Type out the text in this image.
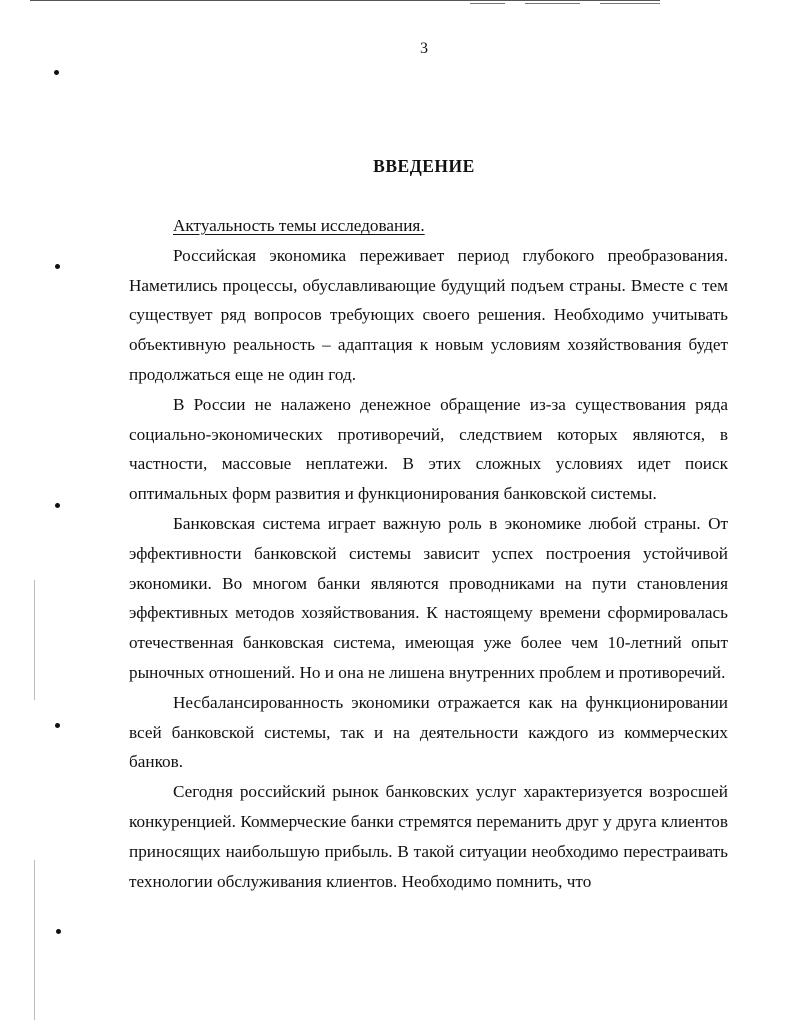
3
ВВЕДЕНИЕ

Актуальность темы исследования.

Российская экономика переживает период глубокого преобразования. Наметились процессы, обуславливающие будущий подъем страны. Вместе с тем существует ряд вопросов требующих своего решения. Необходимо учитывать объективную реальность – адаптация к новым условиям хозяйствования будет продолжаться еще не один год.

В России не налажено денежное обращение из-за существования ряда социально-экономических противоречий, следствием которых являются, в частности, массовые неплатежи. В этих сложных условиях идет поиск оптимальных форм развития и функционирования банковской системы.

Банковская система играет важную роль в экономике любой страны. От эффективности банковской системы зависит успех построения устойчивой экономики. Во многом банки являются проводниками на пути становления эффективных методов хозяйствования. К настоящему времени сформировалась отечественная банковская система, имеющая уже более чем 10-летний опыт рыночных отношений. Но и она не лишена внутренних проблем и противоречий.

Несбалансированность экономики отражается как на функционировании всей банковской системы, так и на деятельности каждого из коммерческих банков.

Сегодня российский рынок банковских услуг характеризуется возросшей конкуренцией. Коммерческие банки стремятся переманить друг у друга клиентов приносящих наибольшую прибыль. В такой ситуации необходимо перестраивать технологии обслуживания клиентов. Необходимо помнить, что
